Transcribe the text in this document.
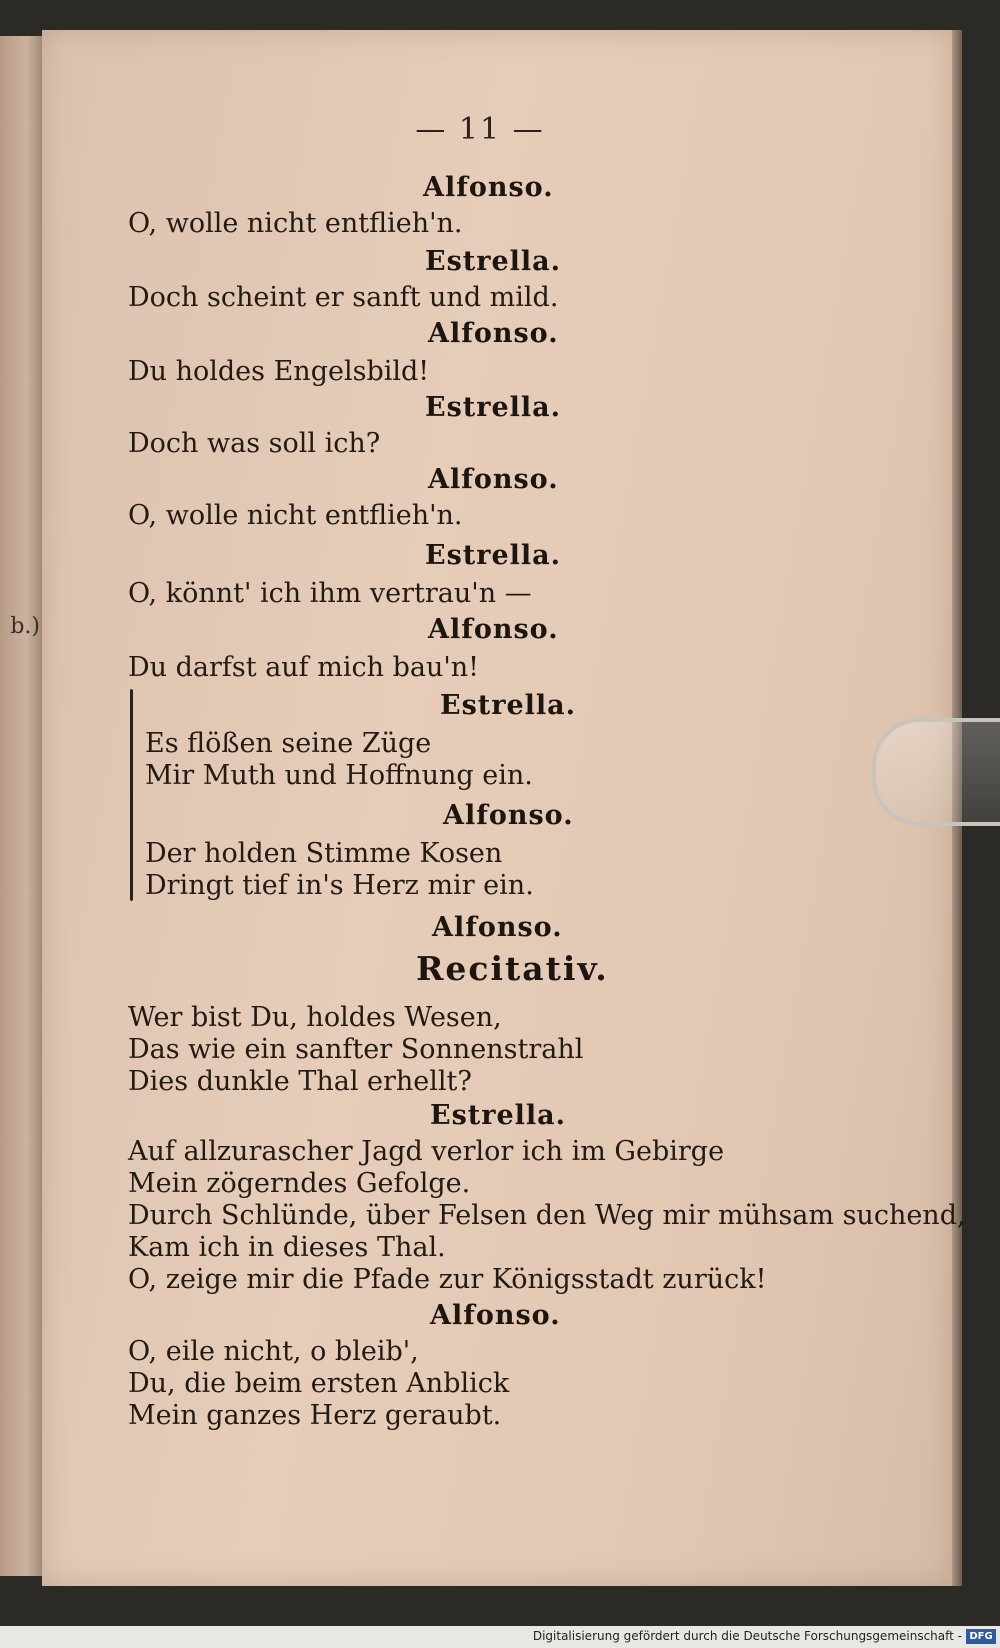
b.)
— 11 —
Alfonso.
O, wolle nicht entflieh'n.
Estrella.
Doch scheint er sanft und mild.
Alfonso.
Du holdes Engelsbild!
Estrella.
Doch was soll ich?
Alfonso.
O, wolle nicht entflieh'n.
Estrella.
O, könnt' ich ihm vertrau'n —
Alfonso.
Du darfst auf mich bau'n!
Estrella.
Es flößen seine Züge
Mir Muth und Hoffnung ein.
Alfonso.
Der holden Stimme Kosen
Dringt tief in's Herz mir ein.
Alfonso.
Recitativ.
Wer bist Du, holdes Wesen,
Das wie ein sanfter Sonnenstrahl
Dies dunkle Thal erhellt?
Estrella.
Auf allzurascher Jagd verlor ich im Gebirge
Mein zögerndes Gefolge.
Durch Schlünde, über Felsen den Weg mir mühsam suchend,
Kam ich in dieses Thal.
O, zeige mir die Pfade zur Königsstadt zurück!
Alfonso.
O, eile nicht, o bleib',
Du, die beim ersten Anblick
Mein ganzes Herz geraubt.
Digitalisierung gefördert durch die Deutsche Forschungsgemeinschaft - DFG
